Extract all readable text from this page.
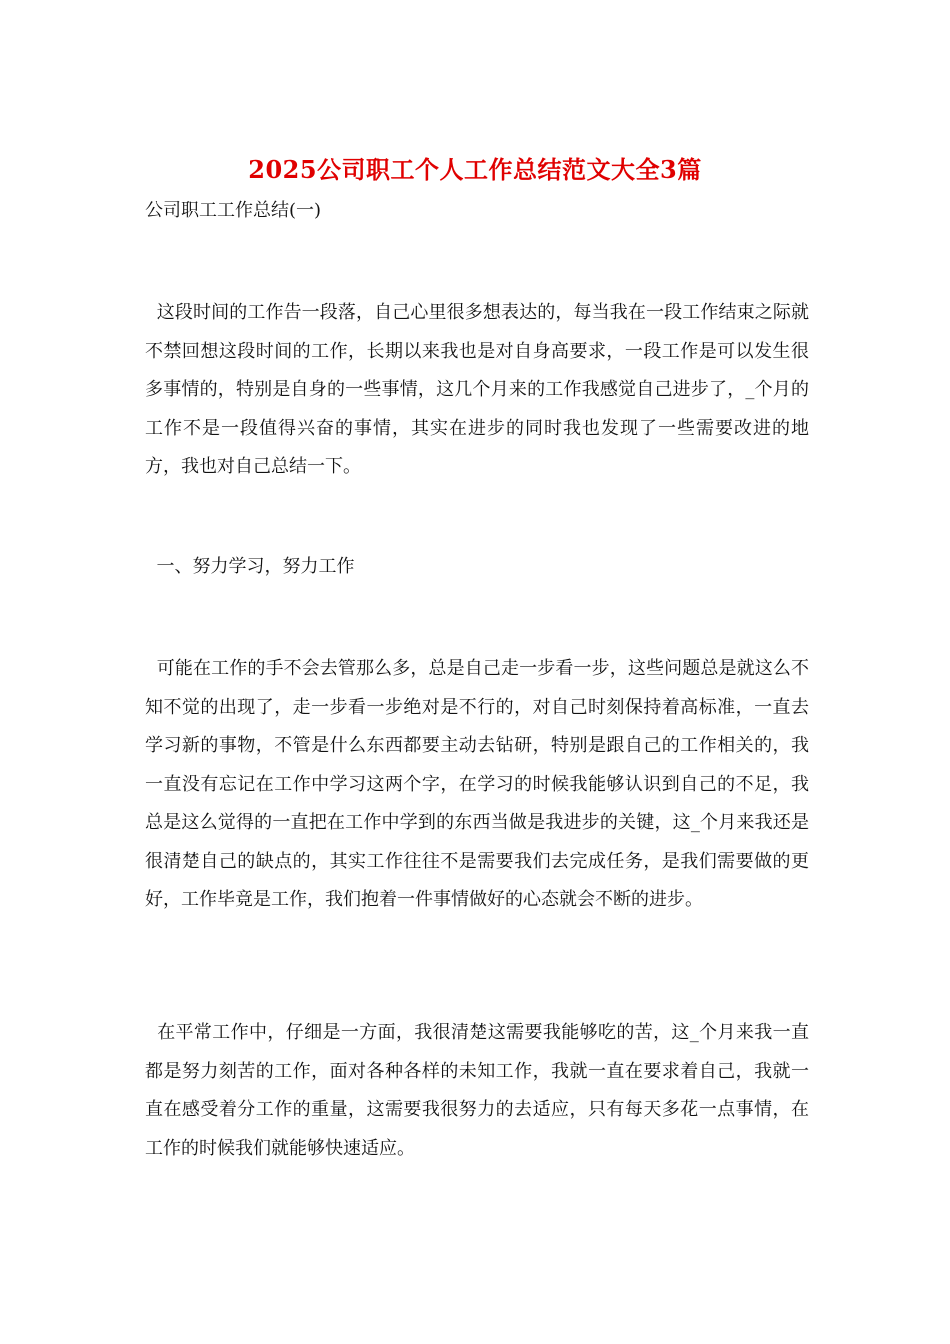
2025公司职工个人工作总结范文大全3篇
公司职工工作总结(一)

这段时间的工作告一段落，自己心里很多想表达的，每当我在一段工作结束之际就不禁回想这段时间的工作，长期以来我也是对自身高要求，一段工作是可以发生很多事情的，特别是自身的一些事情，这几个月来的工作我感觉自己进步了，_个月的工作不是一段值得兴奋的事情，其实在进步的同时我也发现了一些需要改进的地方，我也对自己总结一下。

一、努力学习，努力工作

可能在工作的手不会去管那么多，总是自己走一步看一步，这些问题总是就这么不知不觉的出现了，走一步看一步绝对是不行的，对自己时刻保持着高标准，一直去学习新的事物，不管是什么东西都要主动去钻研，特别是跟自己的工作相关的，我一直没有忘记在工作中学习这两个字，在学习的时候我能够认识到自己的不足，我总是这么觉得的一直把在工作中学到的东西当做是我进步的关键，这_个月来我还是很清楚自己的缺点的，其实工作往往不是需要我们去完成任务，是我们需要做的更好，工作毕竟是工作，我们抱着一件事情做好的心态就会不断的进步。

在平常工作中，仔细是一方面，我很清楚这需要我能够吃的苦，这_个月来我一直都是努力刻苦的工作，面对各种各样的未知工作，我就一直在要求着自己，我就一直在感受着分工作的重量，这需要我很努力的去适应，只有每天多花一点事情，在工作的时候我们就能够快速适应。
